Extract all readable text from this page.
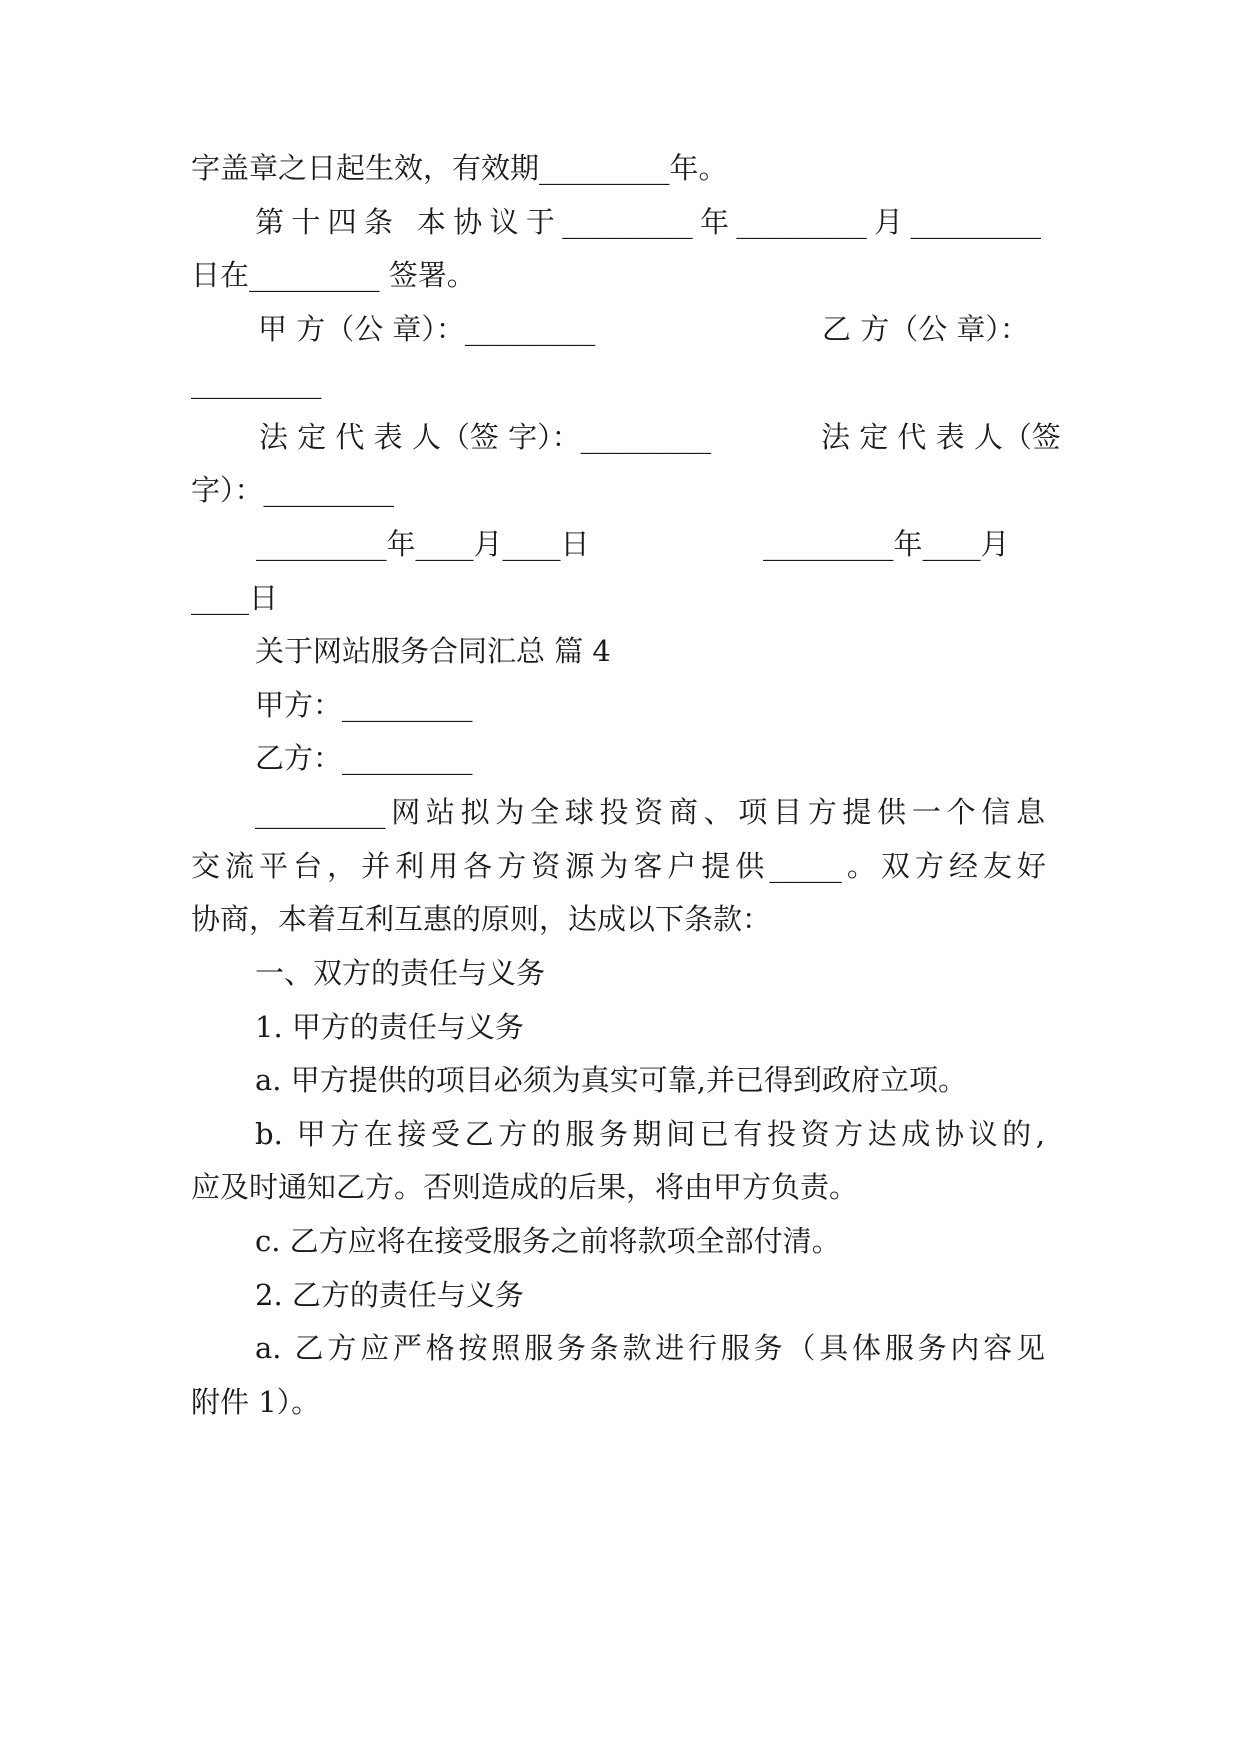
字盖章之日起生效，有效期_________年。

第十四条 本协议于_________年_________月_________

日在_________ 签署。

甲 方（公 章）：_________	乙 方（公 章）：

_________

法 定 代 表 人（签 字）：_________	法 定 代 表 人（签

字）：_________

_________年____月____日	_________年____月

____日

关于网站服务合同汇总 篇 4

甲方：_________

乙方：_________

_________网站拟为全球投资商、项目方提供一个信息

交流平台，并利用各方资源为客户提供_____。双方经友好

协商，本着互利互惠的原则，达成以下条款：

一、双方的责任与义务

1. 甲方的责任与义务

a. 甲方提供的项目必须为真实可靠,并已得到政府立项。

b. 甲方在接受乙方的服务期间已有投资方达成协议的,

应及时通知乙方。否则造成的后果，将由甲方负责。

c. 乙方应将在接受服务之前将款项全部付清。

2. 乙方的责任与义务

a. 乙方应严格按照服务条款进行服务（具体服务内容见

附件 1）。
